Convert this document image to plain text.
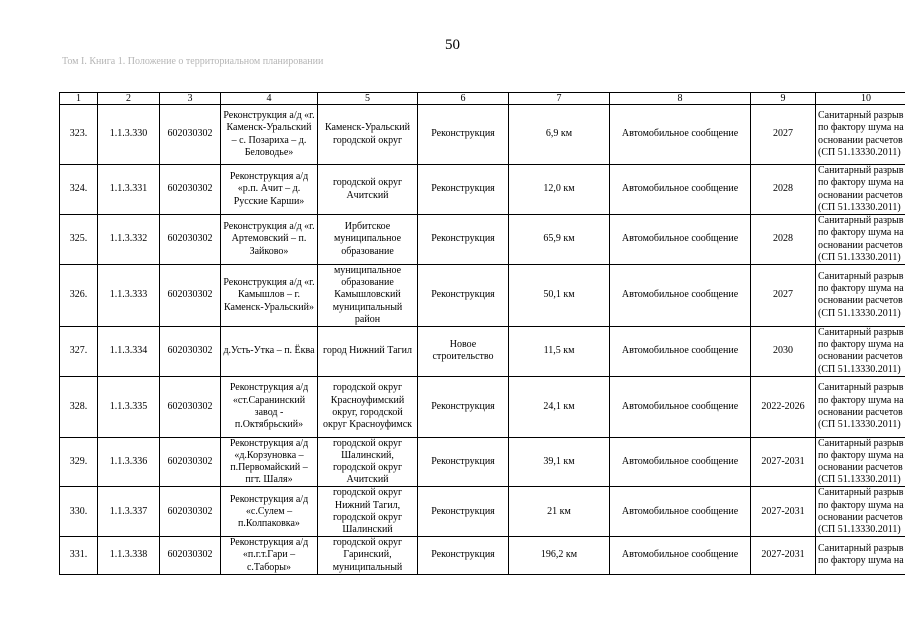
50
Том I. Книга 1. Положение о территориальном планировании
1	2	3	4	5	6	7	8	9	10
323.	1.1.3.330	602030302	Реконструкция а/д «г. Каменск-Уральский – с. Позариха – д. Беловодье»	Каменск-Уральский городской округ	Реконструкция	6,9 км	Автомобильное сообщение	2027	Санитарный разрыв по фактору шума на основании расчетов (СП 51.13330.2011)
324.	1.1.3.331	602030302	Реконструкция а/д «р.п. Ачит – д. Русские Карши»	городской округ Ачитский	Реконструкция	12,0 км	Автомобильное сообщение	2028	Санитарный разрыв по фактору шума на основании расчетов (СП 51.13330.2011)
325.	1.1.3.332	602030302	Реконструкция а/д «г. Артемовский – п. Зайково»	Ирбитское муниципальное образование	Реконструкция	65,9 км	Автомобильное сообщение	2028	Санитарный разрыв по фактору шума на основании расчетов (СП 51.13330.2011)
326.	1.1.3.333	602030302	Реконструкция а/д «г. Камышлов – г. Каменск-Уральский»	муниципальное образование Камышловский муниципальный район	Реконструкция	50,1 км	Автомобильное сообщение	2027	Санитарный разрыв по фактору шума на основании расчетов (СП 51.13330.2011)
327.	1.1.3.334	602030302	д.Усть-Утка – п. Ёква	город Нижний Тагил	Новое строительство	11,5 км	Автомобильное сообщение	2030	Санитарный разрыв по фактору шума на основании расчетов (СП 51.13330.2011)
328.	1.1.3.335	602030302	Реконструкция а/д «ст.Саранинский завод - п.Октябрьский»	городской округ Красноуфимский округ, городской округ Красноуфимск	Реконструкция	24,1 км	Автомобильное сообщение	2022-2026	Санитарный разрыв по фактору шума на основании расчетов (СП 51.13330.2011)
329.	1.1.3.336	602030302	Реконструкция а/д «д.Корзуновка – п.Первомайский – пгт. Шаля»	городской округ Шалинский, городской округ Ачитский	Реконструкция	39,1 км	Автомобильное сообщение	2027-2031	Санитарный разрыв по фактору шума на основании расчетов (СП 51.13330.2011)
330.	1.1.3.337	602030302	Реконструкция а/д «с.Сулем – п.Колпаковка»	городской округ Нижний Тагил, городской округ Шалинский	Реконструкция	21 км	Автомобильное сообщение	2027-2031	Санитарный разрыв по фактору шума на основании расчетов (СП 51.13330.2011)
331.	1.1.3.338	602030302	Реконструкция а/д «п.г.т.Гари – с.Таборы»	городской округ Гаринский, муниципальный	Реконструкция	196,2 км	Автомобильное сообщение	2027-2031	Санитарный разрыв по фактору шума на
